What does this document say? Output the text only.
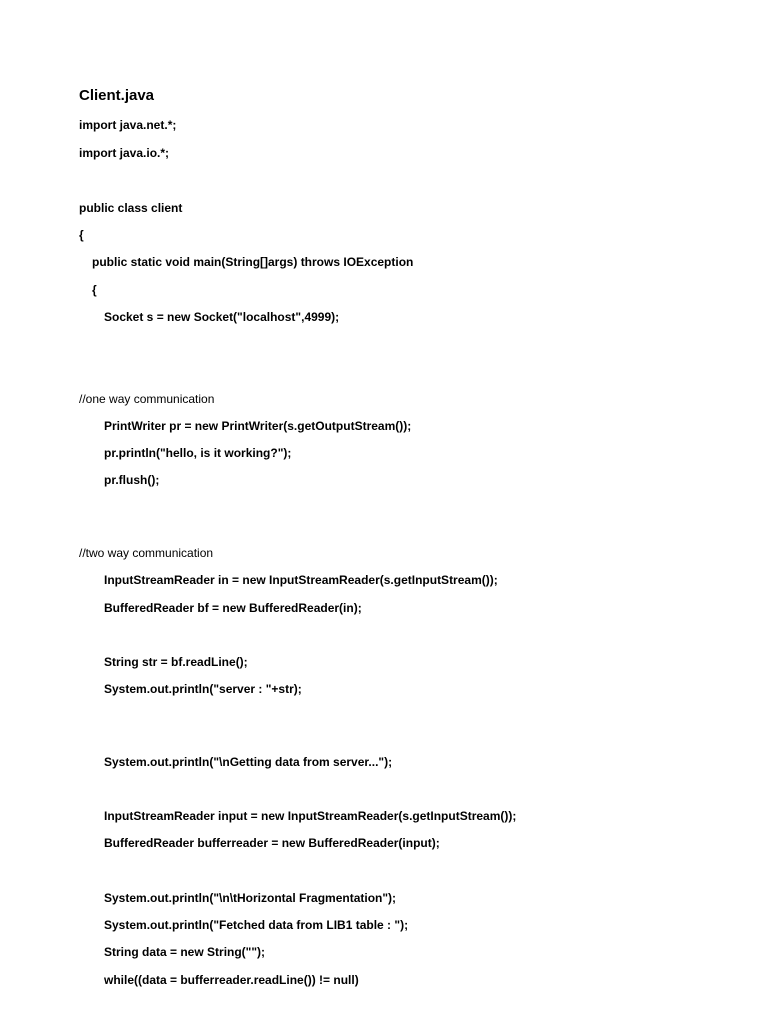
Client.java
import java.net.*;
import java.io.*;
public class client
{
public static void main(String[]args) throws IOException
{
Socket s = new Socket("localhost",4999);
//one way communication
PrintWriter pr = new PrintWriter(s.getOutputStream());
pr.println("hello, is it working?");
pr.flush();
//two way communication
InputStreamReader in = new InputStreamReader(s.getInputStream());
BufferedReader bf = new BufferedReader(in);
String str = bf.readLine();
System.out.println("server : "+str);
System.out.println("\nGetting data from server...");
InputStreamReader input = new InputStreamReader(s.getInputStream());
BufferedReader bufferreader = new BufferedReader(input);
System.out.println("\n\tHorizontal Fragmentation");
System.out.println("Fetched data from LIB1 table : ");
String data = new String("");
while((data = bufferreader.readLine()) != null)
